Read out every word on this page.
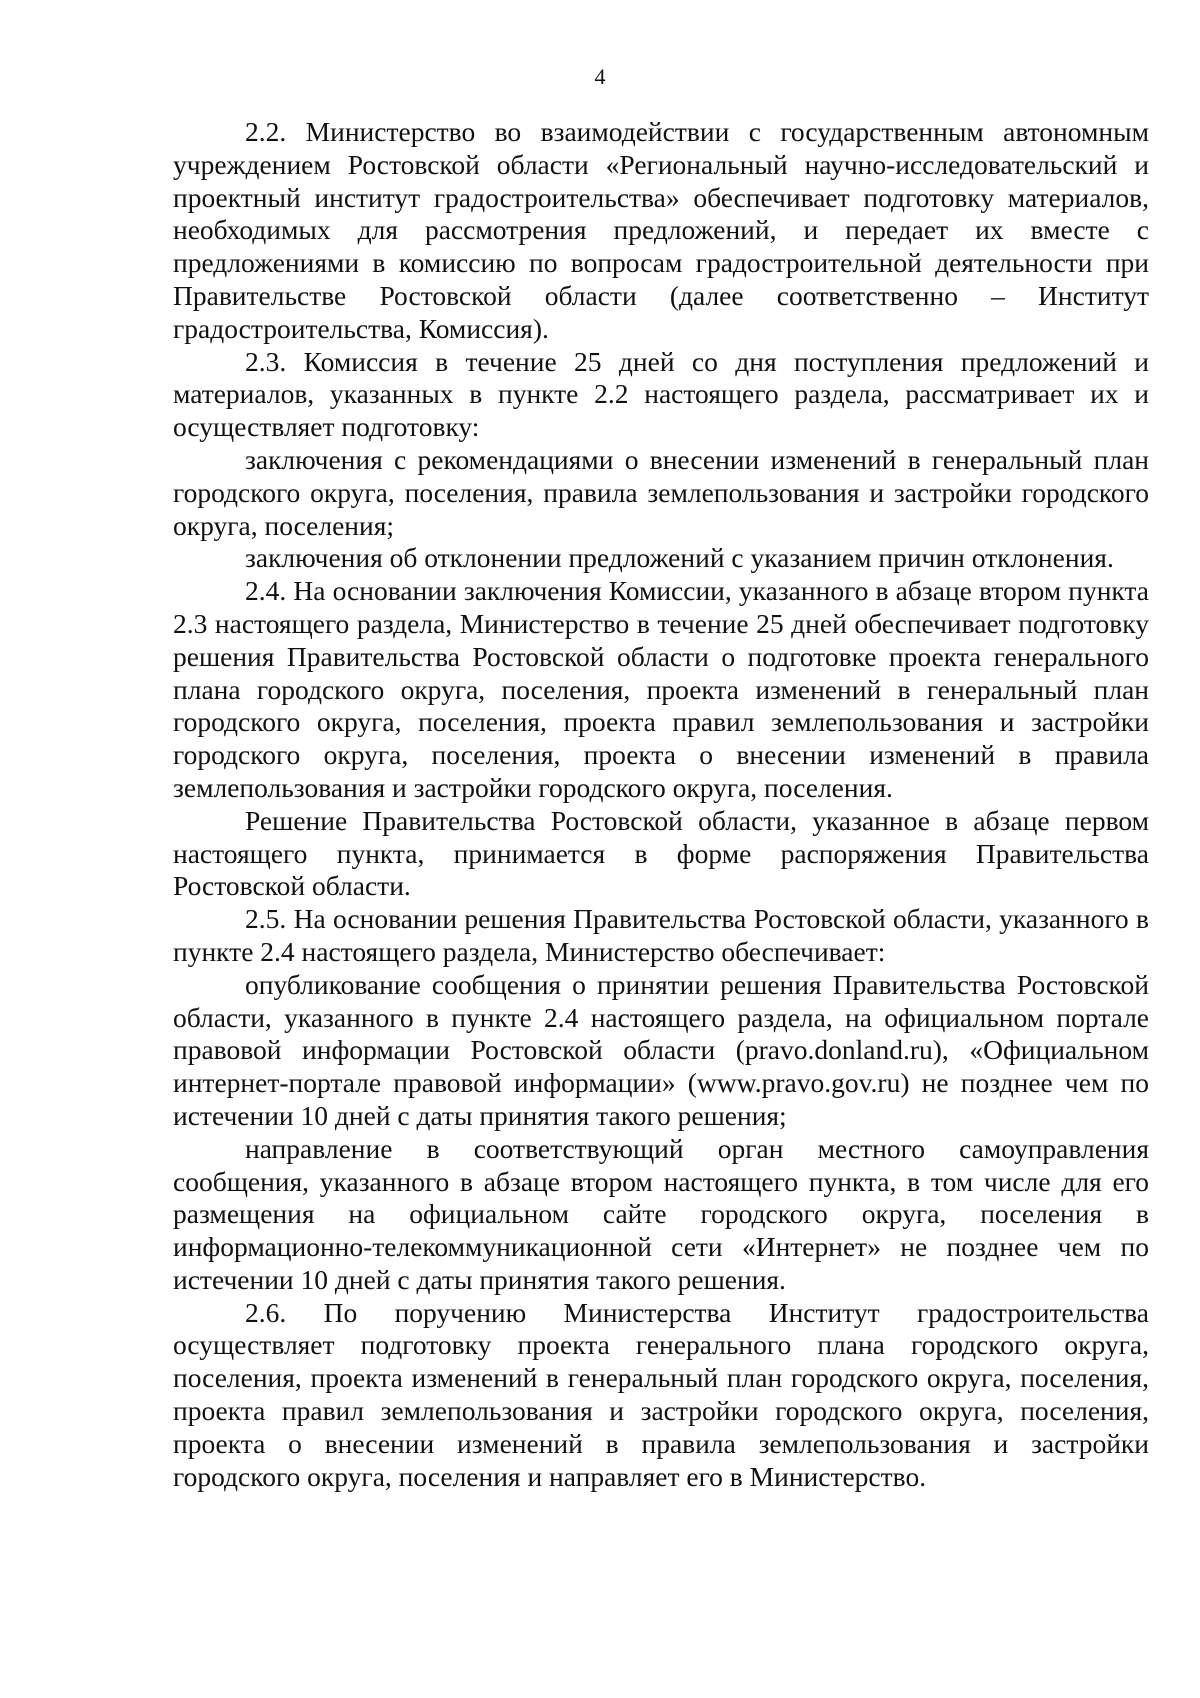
4

2.2. Министерство во взаимодействии с государственным автономным учреждением Ростовской области «Региональный научно-исследовательский и проектный институт градостроительства» обеспечивает подготовку материалов, необходимых для рассмотрения предложений, и передает их вместе с предложениями в комиссию по вопросам градостроительной деятельности при Правительстве Ростовской области (далее соответственно – Институт градостроительства, Комиссия).

2.3. Комиссия в течение 25 дней со дня поступления предложений и материалов, указанных в пункте 2.2 настоящего раздела, рассматривает их и осуществляет подготовку:

заключения с рекомендациями о внесении изменений в генеральный план городского округа, поселения, правила землепользования и застройки городского округа, поселения;

заключения об отклонении предложений с указанием причин отклонения.

2.4. На основании заключения Комиссии, указанного в абзаце втором пункта 2.3 настоящего раздела, Министерство в течение 25 дней обеспечивает подготовку решения Правительства Ростовской области о подготовке проекта генерального плана городского округа, поселения, проекта изменений в генеральный план городского округа, поселения, проекта правил землепользования и застройки городского округа, поселения, проекта о внесении изменений в правила землепользования и застройки городского округа, поселения.

Решение Правительства Ростовской области, указанное в абзаце первом настоящего пункта, принимается в форме распоряжения Правительства Ростовской области.

2.5. На основании решения Правительства Ростовской области, указанного в пункте 2.4 настоящего раздела, Министерство обеспечивает:

опубликование сообщения о принятии решения Правительства Ростовской области, указанного в пункте 2.4 настоящего раздела, на официальном портале правовой информации Ростовской области (pravo.donland.ru), «Официальном интернет-портале правовой информации» (www.pravo.gov.ru) не позднее чем по истечении 10 дней с даты принятия такого решения;

направление в соответствующий орган местного самоуправления сообщения, указанного в абзаце втором настоящего пункта, в том числе для его размещения на официальном сайте городского округа, поселения в информационно-телекоммуникационной сети «Интернет» не позднее чем по истечении 10 дней с даты принятия такого решения.

2.6. По поручению Министерства Институт градостроительства осуществляет подготовку проекта генерального плана городского округа, поселения, проекта изменений в генеральный план городского округа, поселения, проекта правил землепользования и застройки городского округа, поселения, проекта о внесении изменений в правила землепользования и застройки городского округа, поселения и направляет его в Министерство.
